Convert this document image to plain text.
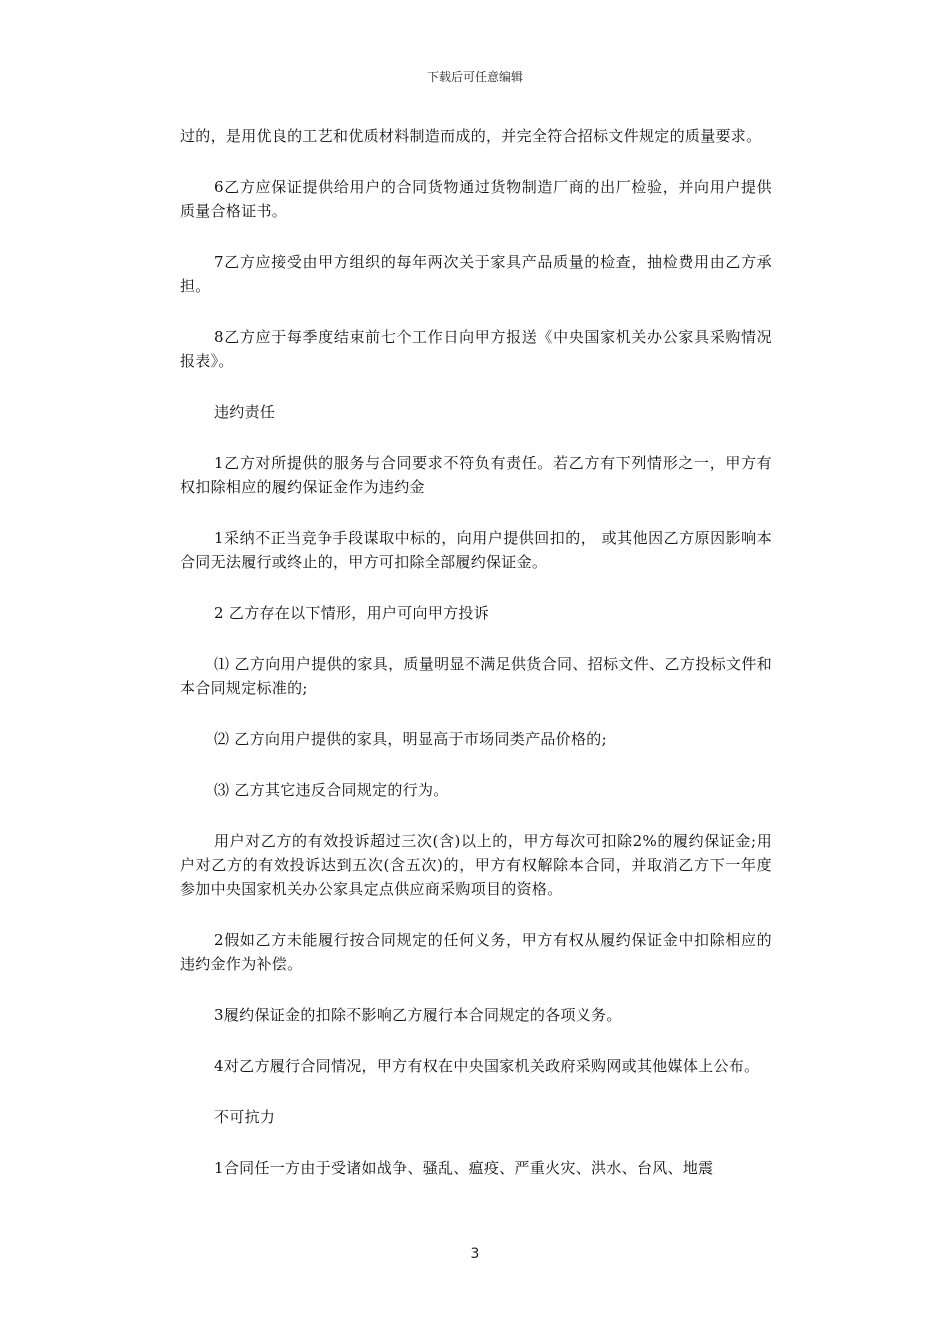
下载后可任意编辑

过的，是用优良的工艺和优质材料制造而成的，并完全符合招标文件规定的质量要求。

6乙方应保证提供给用户的合同货物通过货物制造厂商的出厂检验，并向用户提供质量合格证书。

7乙方应接受由甲方组织的每年两次关于家具产品质量的检查，抽检费用由乙方承担。

8乙方应于每季度结束前七个工作日向甲方报送《中央国家机关办公家具采购情况报表》。

违约责任

1乙方对所提供的服务与合同要求不符负有责任。若乙方有下列情形之一，甲方有权扣除相应的履约保证金作为违约金

1采纳不正当竞争手段谋取中标的，向用户提供回扣的， 或其他因乙方原因影响本合同无法履行或终止的，甲方可扣除全部履约保证金。

2 乙方存在以下情形，用户可向甲方投诉

⑴ 乙方向用户提供的家具，质量明显不满足供货合同、招标文件、乙方投标文件和本合同规定标准的;

⑵ 乙方向用户提供的家具，明显高于市场同类产品价格的;

⑶ 乙方其它违反合同规定的行为。

用户对乙方的有效投诉超过三次(含)以上的，甲方每次可扣除2%的履约保证金;用户对乙方的有效投诉达到五次(含五次)的，甲方有权解除本合同，并取消乙方下一年度参加中央国家机关办公家具定点供应商采购项目的资格。

2假如乙方未能履行按合同规定的任何义务，甲方有权从履约保证金中扣除相应的违约金作为补偿。

3履约保证金的扣除不影响乙方履行本合同规定的各项义务。

4对乙方履行合同情况，甲方有权在中央国家机关政府采购网或其他媒体上公布。

不可抗力

1合同任一方由于受诸如战争、骚乱、瘟疫、严重火灾、洪水、台风、地震

3
